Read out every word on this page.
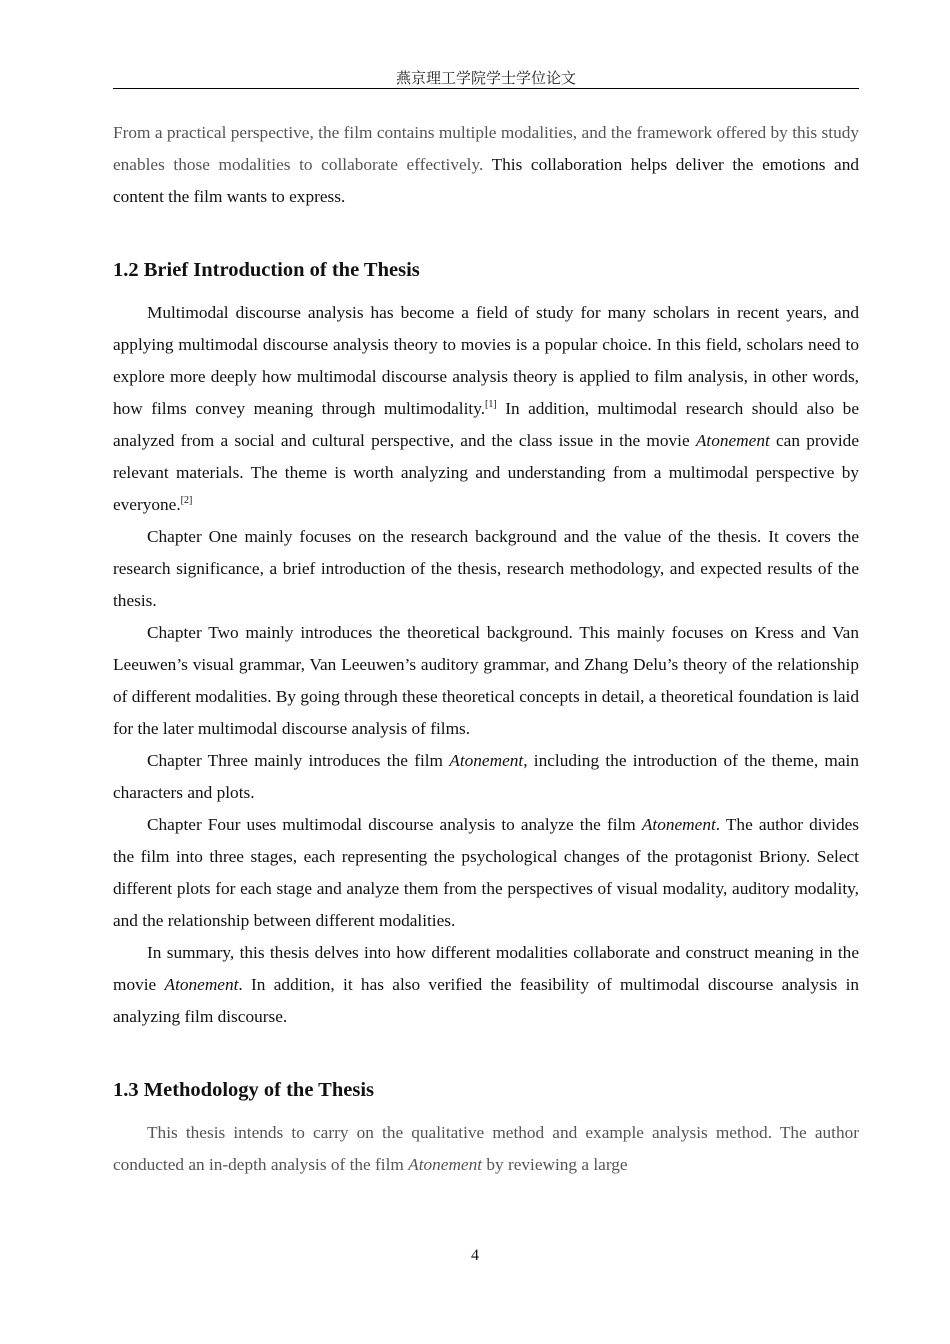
燕京理工学院学士学位论文

From a practical perspective, the film contains multiple modalities, and the framework offered by this study enables those modalities to collaborate effectively. This collaboration helps deliver the emotions and content the film wants to express.

1.2 Brief Introduction of the Thesis

Multimodal discourse analysis has become a field of study for many scholars in recent years, and applying multimodal discourse analysis theory to movies is a popular choice. In this field, scholars need to explore more deeply how multimodal discourse analysis theory is applied to film analysis, in other words, how films convey meaning through multimodality.[1] In addition, multimodal research should also be analyzed from a social and cultural perspective, and the class issue in the movie Atonement can provide relevant materials. The theme is worth analyzing and understanding from a multimodal perspective by everyone.[2]

Chapter One mainly focuses on the research background and the value of the thesis. It covers the research significance, a brief introduction of the thesis, research methodology, and expected results of the thesis.

Chapter Two mainly introduces the theoretical background. This mainly focuses on Kress and Van Leeuwen’s visual grammar, Van Leeuwen’s auditory grammar, and Zhang Delu’s theory of the relationship of different modalities. By going through these theoretical concepts in detail, a theoretical foundation is laid for the later multimodal discourse analysis of films.

Chapter Three mainly introduces the film Atonement, including the introduction of the theme, main characters and plots.

Chapter Four uses multimodal discourse analysis to analyze the film Atonement. The author divides the film into three stages, each representing the psychological changes of the protagonist Briony. Select different plots for each stage and analyze them from the perspectives of visual modality, auditory modality, and the relationship between different modalities.

In summary, this thesis delves into how different modalities collaborate and construct meaning in the movie Atonement. In addition, it has also verified the feasibility of multimodal discourse analysis in analyzing film discourse.

1.3 Methodology of the Thesis

This thesis intends to carry on the qualitative method and example analysis method. The author conducted an in-depth analysis of the film Atonement by reviewing a large

4
